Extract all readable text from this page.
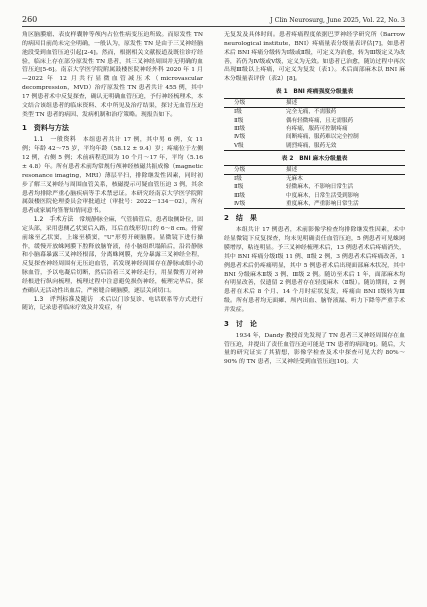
260	J Clin Neurosurg, June 2025, Vol. 22, No. 3

角区脑膜瘤、表皮样囊肿等颅内占位性病变压迫所致。而原发性 TN 的病因目前尚未完全明确，一般认为，原发性 TN 是由于三叉神经脑池段受到血管压迫引起[2-4]。然而，根据相关文献报道及既往诊疗经验，临床上存在部分原发性 TN 患者，其三叉神经周围并无明确的血管压迫[5-6]。南京大学医学院附属鼓楼医院神经外科 2020 年 1 月—2022 年 12 月共行显微血管减压术（microvascular decompression，MVD）治疗原发性 TN 患者共计 455 例，其中 17 例患者术中反复探查，确认无明确血管压迫，予行神经梳理术，本文结合该组患者的临床资料、术中所见及治疗结果，探讨无血管压迫类型 TN 患者的病因、发病机制和治疗策略。现报告如下。

1　资料与方法

1.1　一般资料　 本组患者共计 17 例，其中男 6 例，女 11 例；年龄 42～75 岁，平均年龄（58.12 ± 9.4）岁；疼痛位于左侧 12 例，右侧 5 例；术前病程范围为 10 个月～17 年，平均（5.16 ± 4.8）年。所有患者术前均常规行颅神经核磁共振成像（magnetic resonance imaging，MRI）薄层平扫，排除继发性因素，同时初步了解三叉神经与周围血管关系，核磁提示可疑血管压迫 3 例，其余患者均排除严重心脑疾病等手术禁忌证。本研究经南京大学医学院附属鼓楼医院伦理委员会审批通过（审批号：2022－134－02），所有患者或家属均签署知情同意书。

1.2　手术方法　 常规静脉全麻，气管插管后，患者取侧卧位，固定头部，采用患侧乙状窦后入路，耳后直线形切口约 6～8 cm。骨窗前缘至乙状窦，上缘至横窦，"U"形剪开硬脑膜。显微镜下进行操作，缓慢开放蛛网膜下腔释放脑脊液，待小脑组织塌陷后，沿岩静脉和小脑幕暴露三叉神经根部，分离蛛网膜，充分暴露三叉神经全程，反复探查神经周围有无压迫血管，若发现神经周围存在静脉或细小动脉血管，予以电凝后切断，然后沿着三叉神经走行，用显微剪刀对神经根进行纵向梳理，梳理过程中注意避免损伤神经，梳理完毕后，探查确认无活动性出血后，严密缝合硬脑膜，逐层关闭切口。

1.3　评判标准及随访　 术后以门诊复诊、电话联系等方式进行随访，记录患者临床疗效及并发症，有

无复发及具体时间。患者疼痛程度依据巴罗神经学研究所（Barrow neurological institute，BNI）疼痛量表分级量表评估[7]，如患者术后 BNI 疼痛分级转为Ⅰ级或Ⅱ级，可定义为治愈，转为Ⅲ级定义为改善，若仍为Ⅳ级或Ⅴ级，定义为无效。如患者已治愈，随访过程中再次出现Ⅲ级以上疼痛，可定义为复发（表1）。术后面部麻木以 BNI 麻木分级量表评价（表2）[8]。

表 1　BNI 疼痛强度分级量表
分级	描述
Ⅰ级	完全无痛，不需服药
Ⅱ级	偶有轻微疼痛，且无需服药
Ⅲ级	有疼痛，服药可控制疼痛
Ⅳ级	间断疼痛，服药难以完全控制
Ⅴ级	剧烈疼痛，服药无效
表 2　BNI 麻木分级量表
分级	描述
Ⅰ级	无麻木
Ⅱ级	轻微麻木，不影响日常生活
Ⅲ级	中度麻木，日常生活受到影响
Ⅳ级	重度麻木，严重影响日常生活
2　结　果

本组共计 17 例患者，术前影像学检查均排除继发性因素，术中经显微镜下反复探查，均未见明确责任血管压迫，5 例患者可见蛛网膜增厚，粘连明显。予三叉神经梳理术后，13 例患者术后疼痛消失，其中 BNI 疼痛分级Ⅰ级 11 例、Ⅱ级 2 例，3 例患者术后疼痛改善，1 例患者术后仍疼痛明显，其中 5 例患者术后出现面部麻木状况，其中 BNI 分级麻木Ⅱ级 3 例、Ⅲ级 2 例。随访至术后 1 年，面部麻木均有明显改善，仅遗留 2 例患者存在轻度麻木（Ⅱ级）。随访期间，2 例患者在术后 8 个月、14 个月时症状复发，疼痛由 BNI Ⅰ级转为Ⅲ级。所有患者均无面瘫、颅内出血、脑脊液漏、听力下降等严重手术并发症。

3　讨　论

1934 年，Dandy 教授首先发现了 TN 患者三叉神经周围存在血管压迫，并提出了责任血管压迫可能是 TN 患者的病因[9]。随后，大量的研究证实了其猜想，影像学检查及术中探查可见大约 80%～90% 的 TN 患者，三叉神经受到血管压迫[10]。大
